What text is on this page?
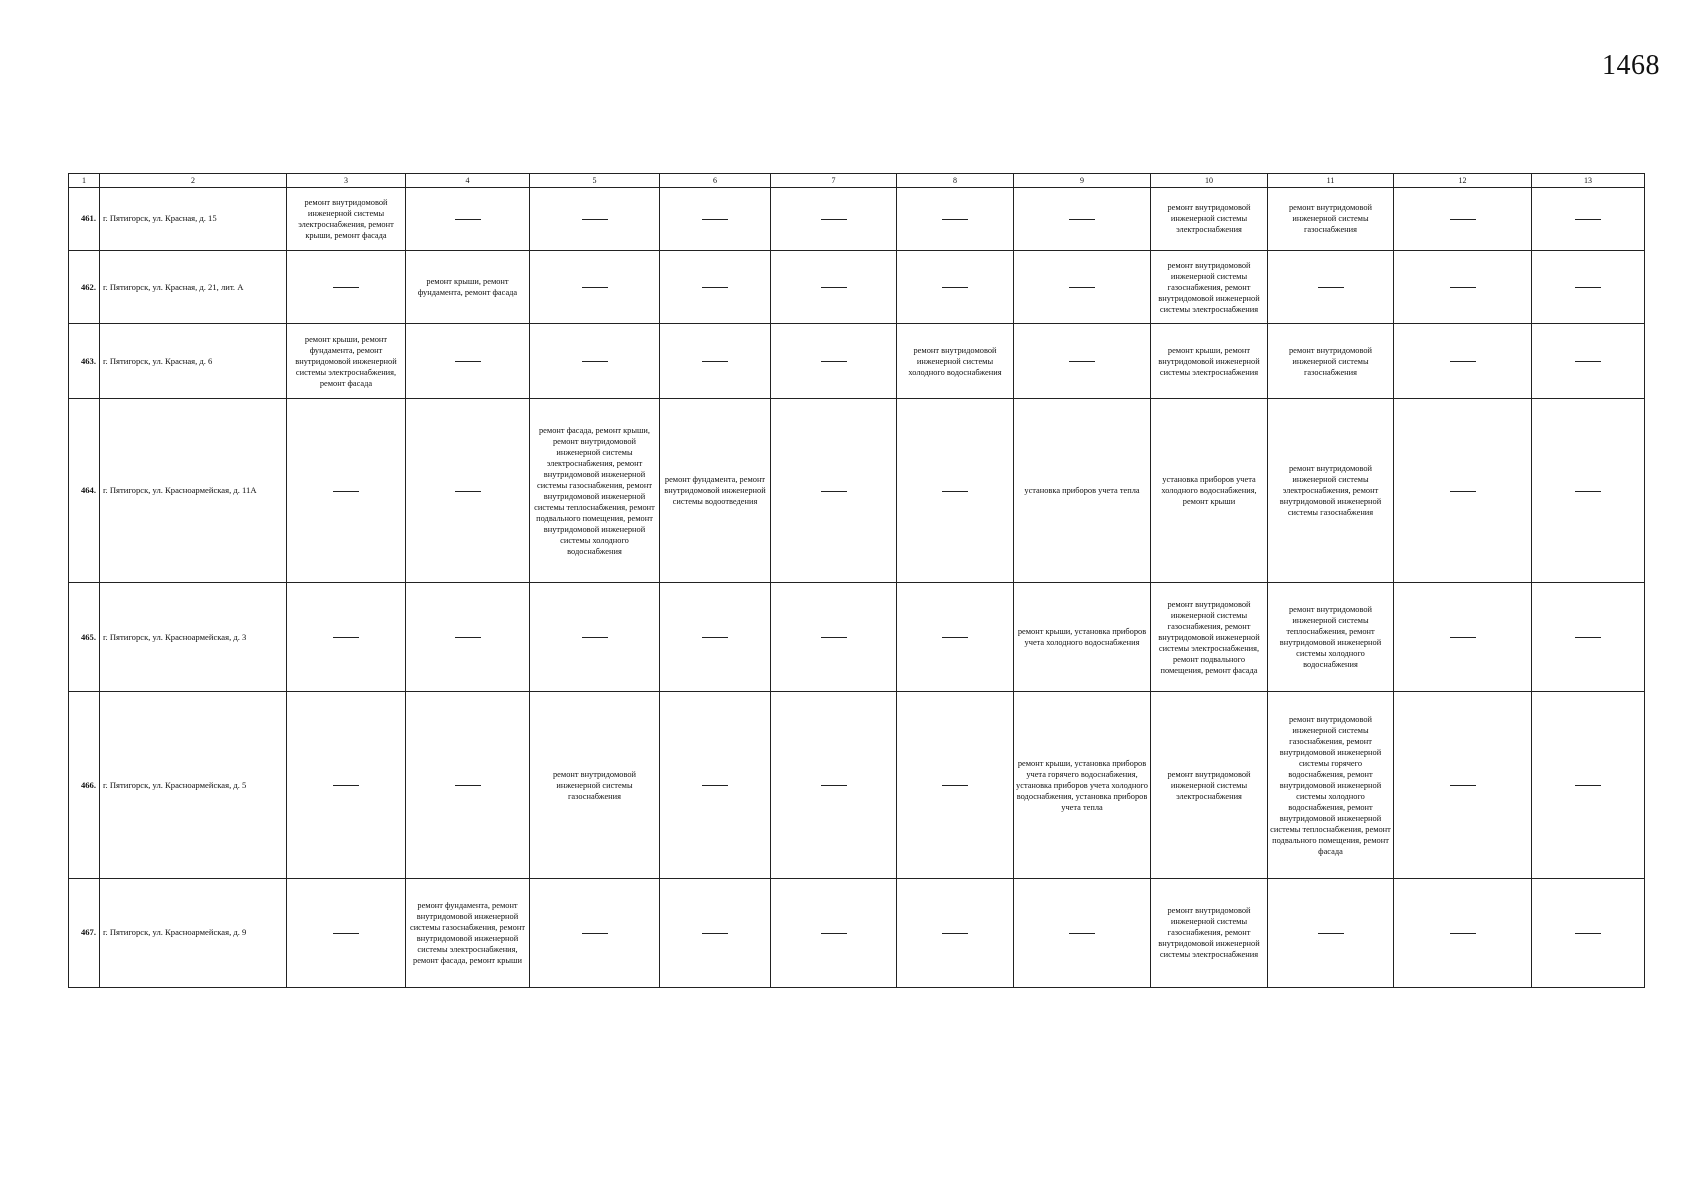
1468
1	2	3	4	5	6	7	8	9	10	11	12	13
461.	г. Пятигорск, ул. Красная, д. 15	ремонт внутридомовой инженерной системы электроснабжения, ремонт крыши, ремонт фасада							ремонт внутридомовой инженерной системы электроснабжения	ремонт внутридомовой инженерной системы газоснабжения		
462.	г. Пятигорск, ул. Красная, д. 21, лит. А		ремонт крыши, ремонт фундамента, ремонт фасада						ремонт внутридомовой инженерной системы газоснабжения, ремонт внутридомовой инженерной системы электроснабжения			
463.	г. Пятигорск, ул. Красная, д. 6	ремонт крыши, ремонт фундамента, ремонт внутридомовой инженерной системы электроснабжения, ремонт фасада					ремонт внутридомовой инженерной системы холодного водоснабжения		ремонт крыши, ремонт внутридомовой инженерной системы электроснабжения	ремонт внутридомовой инженерной системы газоснабжения		
464.	г. Пятигорск, ул. Красноармейская, д. 11А			ремонт фасада, ремонт крыши, ремонт внутридомовой инженерной системы электроснабжения, ремонт внутридомовой инженерной системы газоснабжения, ремонт внутридомовой инженерной системы теплоснабжения, ремонт подвального помещения, ремонт внутридомовой инженерной системы холодного водоснабжения	ремонт фундамента, ремонт внутридомовой инженерной системы водоотведения			установка приборов учета тепла	установка приборов учета холодного водоснабжения, ремонт крыши	ремонт внутридомовой инженерной системы электроснабжения, ремонт внутридомовой инженерной системы газоснабжения		
465.	г. Пятигорск, ул. Красноармейская, д. 3							ремонт крыши, установка приборов учета холодного водоснабжения	ремонт внутридомовой инженерной системы газоснабжения, ремонт внутридомовой инженерной системы электроснабжения, ремонт подвального помещения, ремонт фасада	ремонт внутридомовой инженерной системы теплоснабжения, ремонт внутридомовой инженерной системы холодного водоснабжения		
466.	г. Пятигорск, ул. Красноармейская, д. 5			ремонт внутридомовой инженерной системы газоснабжения				ремонт крыши, установка приборов учета горячего водоснабжения, установка приборов учета холодного водоснабжения, установка приборов учета тепла	ремонт внутридомовой инженерной системы электроснабжения	ремонт внутридомовой инженерной системы газоснабжения, ремонт внутридомовой инженерной системы горячего водоснабжения, ремонт внутридомовой инженерной системы холодного водоснабжения, ремонт внутридомовой инженерной системы теплоснабжения, ремонт подвального помещения, ремонт фасада		
467.	г. Пятигорск, ул. Красноармейская, д. 9		ремонт фундамента, ремонт внутридомовой инженерной системы газоснабжения, ремонт внутридомовой инженерной системы электроснабжения, ремонт фасада, ремонт крыши						ремонт внутридомовой инженерной системы газоснабжения, ремонт внутридомовой инженерной системы электроснабжения			
